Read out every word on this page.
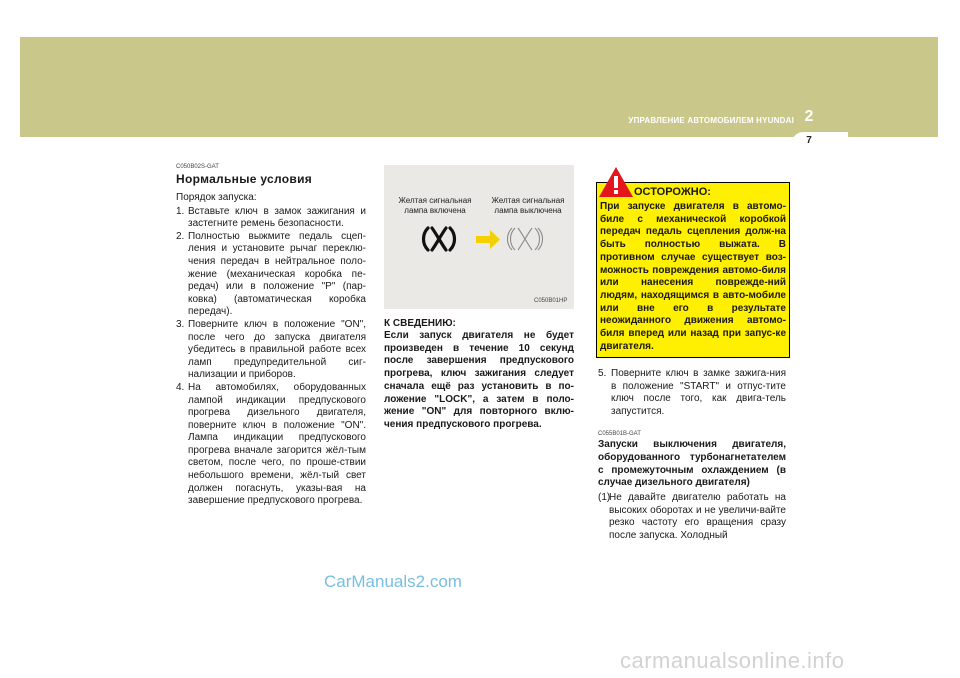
УПРАВЛЕНИЕ АВТОМОБИЛЕМ HYUNDAI 2
7
C050B02S-GAT
Нормальные условия
Порядок запуска:
1. Вставьте ключ в замок зажигания и застегните ремень безопасности.
2. Полностью выжмите педаль сцеп-ления и установите рычаг переклю-чения передач в нейтральное поло-жение (механическая коробка пе-редач) или в положение "P" (пар-ковка) (автоматическая коробка передач).
3. Поверните ключ в положение "ON", после чего до запуска двигателя убедитесь в правильной работе всех ламп предупредительной сиг-нализации и приборов.
4. На автомобилях, оборудованных лампой индикации предпускового прогрева дизельного двигателя, поверните ключ в положение "ON". Лампа индикации предпускового прогрева вначале загорится жёл-тым светом, после чего, по проше-ствии небольшого времени, жёл-тый свет должен погаснуть, указы-вая на завершение предпускового прогрева.
Желтая сигнальная лампа включена
Желтая сигнальная лампа выключена
C050B01HP
К СВЕДЕНИЮ:
Если запуск двигателя не будет произведен в течение 10 секунд после завершения предпускового прогрева, ключ зажигания следует сначала ещё раз установить в по-ложение "LOCK", а затем в поло-жение "ON" для повторного вклю-чения предпускового прогрева.
ОСТОРОЖНО:
При запуске двигателя в автомо-биле с механической коробкой передач педаль сцепления долж-на быть полностью выжата. В противном случае существует воз-можность повреждения автомо-биля или нанесения поврежде-ний людям, находящимся в авто-мобиле или вне его в результате неожиданного движения автомо-биля вперед или назад при запус-ке двигателя.
5. Поверните ключ в замке зажига-ния в положение "START" и отпус-тите ключ после того, как двига-тель запустится.
C055B01B-GAT
Запуски выключения двигателя, оборудованного турбонагнетателем с промежуточным охлаждением (в случае дизельного двигателя)
(1)
Не давайте двигателю работать на высоких оборотах и не увеличи-вайте резко частоту его вращения сразу после запуска. Холодный
CarManuals2.com
carmanualsonline.info
